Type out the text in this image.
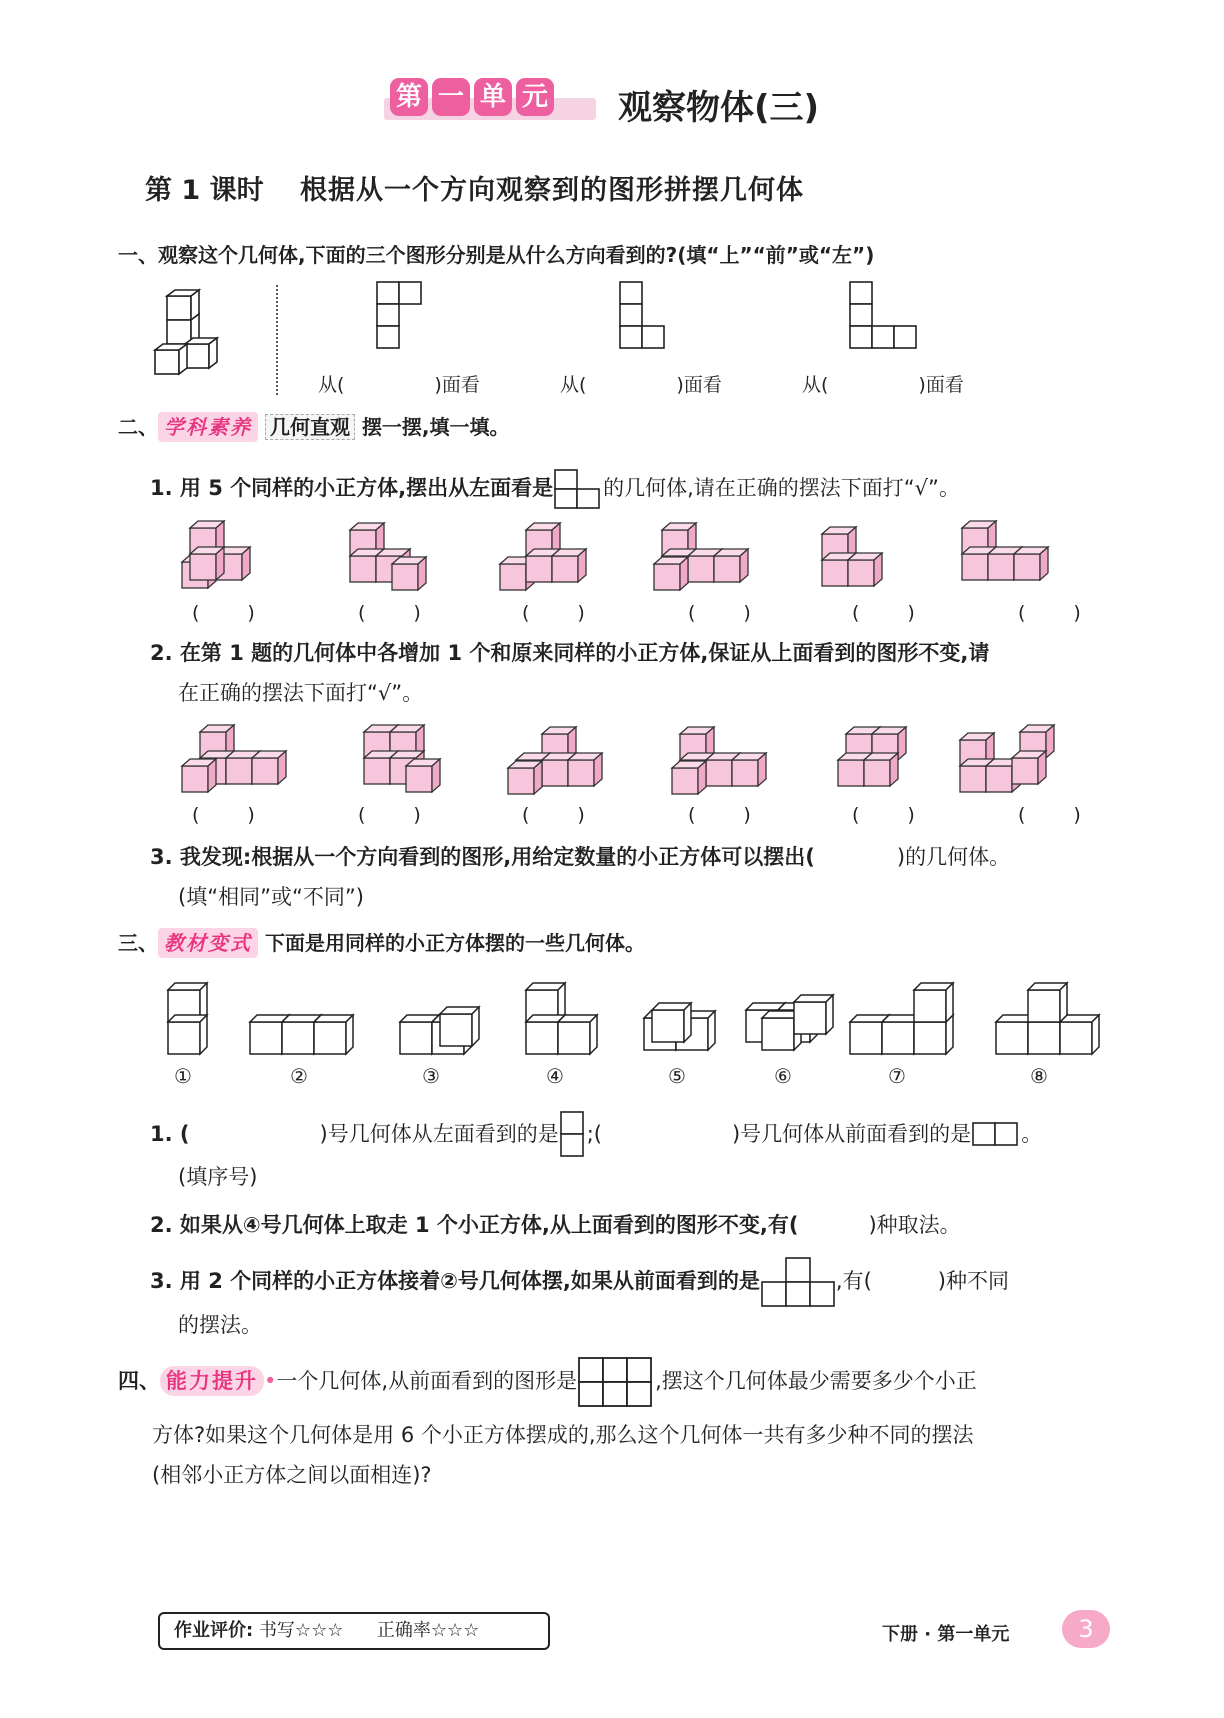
第 一 单 元 观察物体(三)
第 1 课时 根据从一个方向观察到的图形拼摆几何体
一、观察这个几何体,下面的三个图形分别是从什么方向看到的?(填“上”“前”或“左”)
从(	)面看	从(	)面看	从(	)面看
二、 学科素养 几何直观 摆一摆,填一填。
1. 用 5 个同样的小正方体,摆出从左面看是 的几何体,请在正确的摆法下面打“√”。
(	)	(	)	(	)	(	)	(	)	(	)
2. 在第 1 题的几何体中各增加 1 个和原来同样的小正方体,保证从上面看到的图形不变,请
在正确的摆法下面打“√”。
(	)	(	)	(	)	(	)	(	)	(	)
3. 我发现:根据从一个方向看到的图形,用给定数量的小正方体可以摆出(	)的几何体。
(填“相同”或“不同”)
三、 教材变式 下面是用同样的小正方体摆的一些几何体。
①	②	③	④	⑤	⑥	⑦	⑧
1. (	)号几何体从左面看到的是 ;(	)号几何体从前面看到的是 。
(填序号)
2. 如果从④号几何体上取走 1 个小正方体,从上面看到的图形不变,有(	)种取法。
3. 用 2 个同样的小正方体接着②号几何体摆,如果从前面看到的是	,有(	)种不同
的摆法。
四、 能力提升 •一个几何体,从前面看到的图形是	,摆这个几何体最少需要多少个小正
方体?如果这个几何体是用 6 个小正方体摆成的,那么这个几何体一共有多少种不同的摆法
(相邻小正方体之间以面相连)?
作业评价: 书写☆☆☆ 正确率☆☆☆	下册 · 第一单元	3
